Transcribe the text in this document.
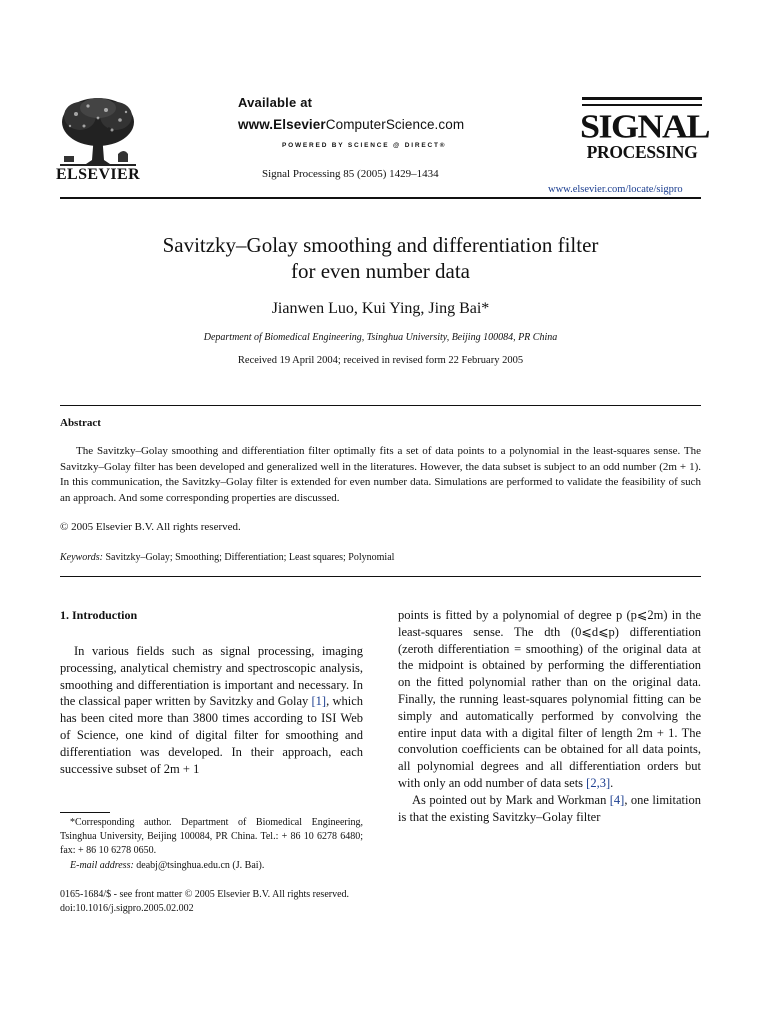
ELSEVIER
Available at
www.ElsevierComputerScience.com
POWERED BY SCIENCE @ DIRECT®
Signal Processing 85 (2005) 1429–1434
SIGNAL
PROCESSING
www.elsevier.com/locate/sigpro
Savitzky–Golay smoothing and differentiation filter
for even number data
Jianwen Luo, Kui Ying, Jing Bai*
Department of Biomedical Engineering, Tsinghua University, Beijing 100084, PR China
Received 19 April 2004; received in revised form 22 February 2005
Abstract

The Savitzky–Golay smoothing and differentiation filter optimally fits a set of data points to a polynomial in the least-squares sense. The Savitzky–Golay filter has been developed and generalized well in the literatures. However, the data subset is subject to an odd number (2m + 1). In this communication, the Savitzky–Golay filter is extended for even number data. Simulations are performed to validate the feasibility of such an approach. And some corresponding properties are discussed.

© 2005 Elsevier B.V. All rights reserved.
Keywords: Savitzky–Golay; Smoothing; Differentiation; Least squares; Polynomial
1. Introduction

In various fields such as signal processing, imaging processing, analytical chemistry and spectroscopic analysis, smoothing and differentiation is important and necessary. In the classical paper written by Savitzky and Golay [1], which has been cited more than 3800 times according to ISI Web of Science, one kind of digital filter for smoothing and differentiation was developed. In their approach, each successive subset of 2m + 1

points is fitted by a polynomial of degree p (p⩽2m) in the least-squares sense. The dth (0⩽d⩽p) differentiation (zeroth differentiation = smoothing) of the original data at the midpoint is obtained by performing the differentiation on the fitted polynomial rather than on the original data. Finally, the running least-squares polynomial fitting can be simply and automatically performed by convolving the entire input data with a digital filter of length 2m + 1. The convolution coefficients can be obtained for all data points, all polynomial degrees and all differentiation orders but with only an odd number of data sets [2,3].

As pointed out by Mark and Workman [4], one limitation is that the existing Savitzky–Golay filter

*Corresponding author. Department of Biomedical Engineering, Tsinghua University, Beijing 100084, PR China. Tel.: + 86 10 6278 6480; fax: + 86 10 6278 0650.
E-mail address: deabj@tsinghua.edu.cn (J. Bai).
0165-1684/$ - see front matter © 2005 Elsevier B.V. All rights reserved.
doi:10.1016/j.sigpro.2005.02.002
